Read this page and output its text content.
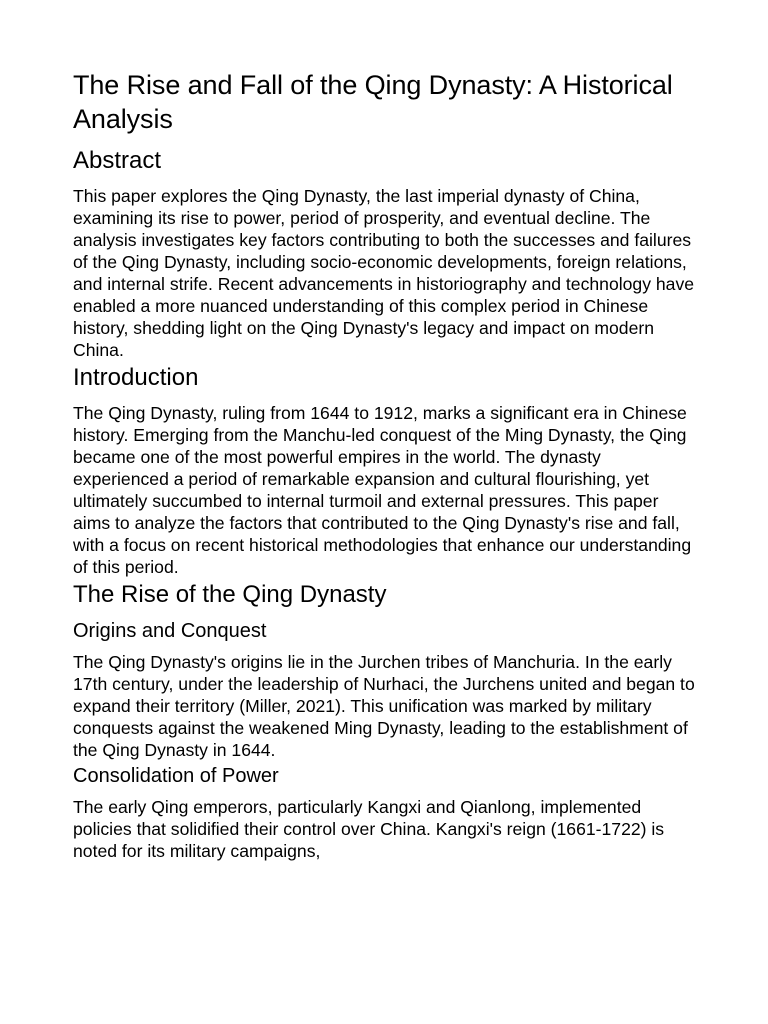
The Rise and Fall of the Qing Dynasty: A Historical Analysis
Abstract

This paper explores the Qing Dynasty, the last imperial dynasty of China, examining its rise to power, period of prosperity, and eventual decline. The analysis investigates key factors contributing to both the successes and failures of the Qing Dynasty, including socio-economic developments, foreign relations, and internal strife. Recent advancements in historiography and technology have enabled a more nuanced understanding of this complex period in Chinese history, shedding light on the Qing Dynasty's legacy and impact on modern China.

Introduction

The Qing Dynasty, ruling from 1644 to 1912, marks a significant era in Chinese history. Emerging from the Manchu-led conquest of the Ming Dynasty, the Qing became one of the most powerful empires in the world. The dynasty experienced a period of remarkable expansion and cultural flourishing, yet ultimately succumbed to internal turmoil and external pressures. This paper aims to analyze the factors that contributed to the Qing Dynasty's rise and fall, with a focus on recent historical methodologies that enhance our understanding of this period.

The Rise of the Qing Dynasty
Origins and Conquest

The Qing Dynasty's origins lie in the Jurchen tribes of Manchuria. In the early 17th century, under the leadership of Nurhaci, the Jurchens united and began to expand their territory (Miller, 2021). This unification was marked by military conquests against the weakened Ming Dynasty, leading to the establishment of the Qing Dynasty in 1644.

Consolidation of Power

The early Qing emperors, particularly Kangxi and Qianlong, implemented policies that solidified their control over China. Kangxi's reign (1661-1722) is noted for its military campaigns,
